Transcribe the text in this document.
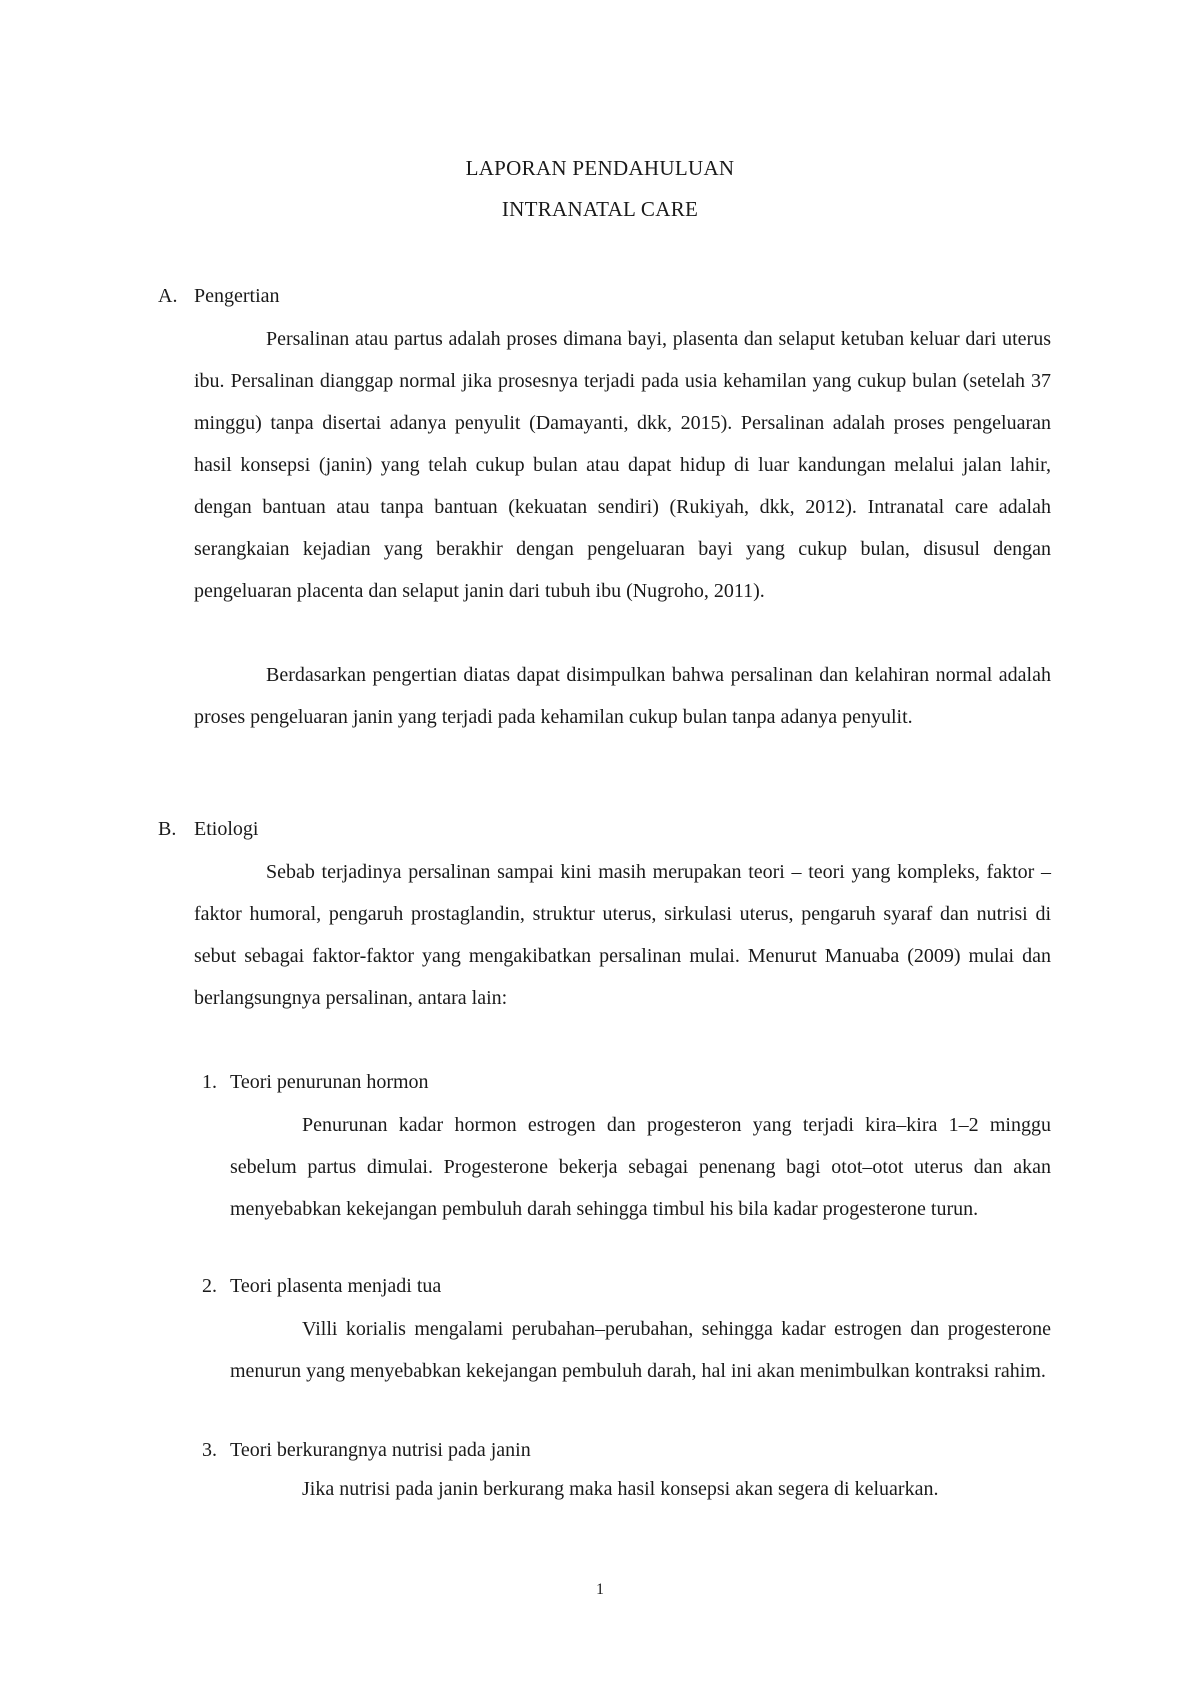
LAPORAN PENDAHULUAN
INTRANATAL CARE
A. Pengertian

Persalinan atau partus adalah proses dimana bayi, plasenta dan selaput ketuban keluar dari uterus ibu. Persalinan dianggap normal jika prosesnya terjadi pada usia kehamilan yang cukup bulan (setelah 37 minggu) tanpa disertai adanya penyulit (Damayanti, dkk, 2015). Persalinan adalah proses pengeluaran hasil konsepsi (janin) yang telah cukup bulan atau dapat hidup di luar kandungan melalui jalan lahir, dengan bantuan atau tanpa bantuan (kekuatan sendiri) (Rukiyah, dkk, 2012). Intranatal care adalah serangkaian kejadian yang berakhir dengan pengeluaran bayi yang cukup bulan, disusul dengan pengeluaran placenta dan selaput janin dari tubuh ibu (Nugroho, 2011).

Berdasarkan pengertian diatas dapat disimpulkan bahwa persalinan dan kelahiran normal adalah proses pengeluaran janin yang terjadi pada kehamilan cukup bulan tanpa adanya penyulit.

B. Etiologi

Sebab terjadinya persalinan sampai kini masih merupakan teori – teori yang kompleks, faktor – faktor humoral, pengaruh prostaglandin, struktur uterus, sirkulasi uterus, pengaruh syaraf dan nutrisi di sebut sebagai faktor-faktor yang mengakibatkan persalinan mulai. Menurut Manuaba (2009) mulai dan berlangsungnya persalinan, antara lain:

1. Teori penurunan hormon

Penurunan kadar hormon estrogen dan progesteron yang terjadi kira–kira 1–2 minggu sebelum partus dimulai. Progesterone bekerja sebagai penenang bagi otot–otot uterus dan akan menyebabkan kekejangan pembuluh darah sehingga timbul his bila kadar progesterone turun.

2. Teori plasenta menjadi tua

Villi korialis mengalami perubahan–perubahan, sehingga kadar estrogen dan progesterone menurun yang menyebabkan kekejangan pembuluh darah, hal ini akan menimbulkan kontraksi rahim.

3. Teori berkurangnya nutrisi pada janin

Jika nutrisi pada janin berkurang maka hasil konsepsi akan segera di keluarkan.

1
